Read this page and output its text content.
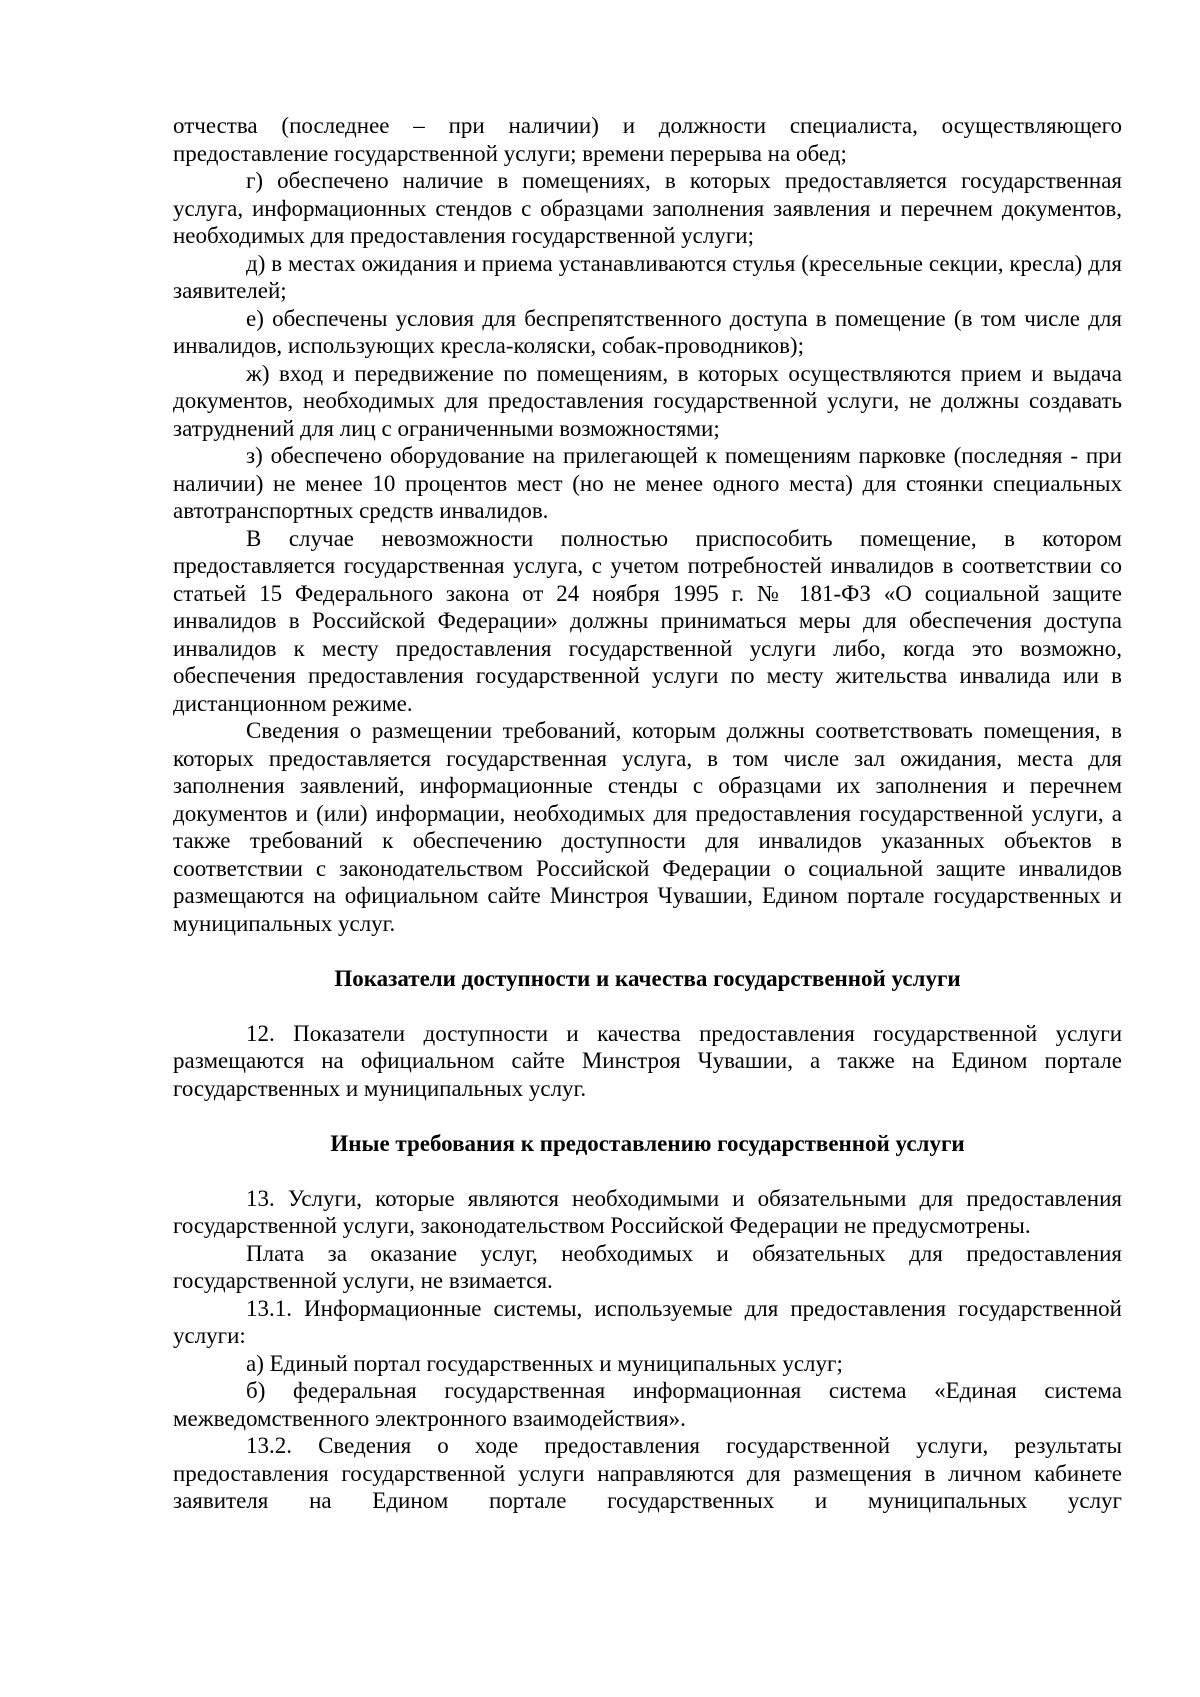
отчества (последнее – при наличии) и должности специалиста, осуществляющего предоставление государственной услуги; времени перерыва на обед;

г) обеспечено наличие в помещениях, в которых предоставляется государственная услуга, информационных стендов с образцами заполнения заявления и перечнем документов, необходимых для предоставления государственной услуги;

д) в местах ожидания и приема устанавливаются стулья (кресельные секции, кресла) для заявителей;

е) обеспечены условия для беспрепятственного доступа в помещение (в том числе для инвалидов, использующих кресла-коляски, собак-проводников);

ж) вход и передвижение по помещениям, в которых осуществляются прием и выдача документов, необходимых для предоставления государственной услуги, не должны создавать затруднений для лиц с ограниченными возможностями;

з) обеспечено оборудование на прилегающей к помещениям парковке (последняя - при наличии) не менее 10 процентов мест (но не менее одного места) для стоянки специальных автотранспортных средств инвалидов.

В случае невозможности полностью приспособить помещение, в котором предоставляется государственная услуга, с учетом потребностей инвалидов в соответствии со статьей 15 Федерального закона от 24 ноября 1995 г. № 181-ФЗ «О социальной защите инвалидов в Российской Федерации» должны приниматься меры для обеспечения доступа инвалидов к месту предоставления государственной услуги либо, когда это возможно, обеспечения предоставления государственной услуги по месту жительства инвалида или в дистанционном режиме.

Сведения о размещении требований, которым должны соответствовать помещения, в которых предоставляется государственная услуга, в том числе зал ожидания, места для заполнения заявлений, информационные стенды с образцами их заполнения и перечнем документов и (или) информации, необходимых для предоставления государственной услуги, а также требований к обеспечению доступности для инвалидов указанных объектов в соответствии с законодательством Российской Федерации о социальной защите инвалидов размещаются на официальном сайте Минстроя Чувашии, Едином портале государственных и муниципальных услуг.

Показатели доступности и качества государственной услуги

12. Показатели доступности и качества предоставления государственной услуги размещаются на официальном сайте Минстроя Чувашии, а также на Едином портале государственных и муниципальных услуг.

Иные требования к предоставлению государственной услуги

13. Услуги, которые являются необходимыми и обязательными для предоставления государственной услуги, законодательством Российской Федерации не предусмотрены.

Плата за оказание услуг, необходимых и обязательных для предоставления государственной услуги, не взимается.

13.1. Информационные системы, используемые для предоставления государственной услуги:

а) Единый портал государственных и муниципальных услуг;

б) федеральная государственная информационная система «Единая система межведомственного электронного взаимодействия».

13.2. Сведения о ходе предоставления государственной услуги, результаты предоставления государственной услуги направляются для размещения в личном кабинете заявителя на Едином портале государственных и муниципальных услуг
